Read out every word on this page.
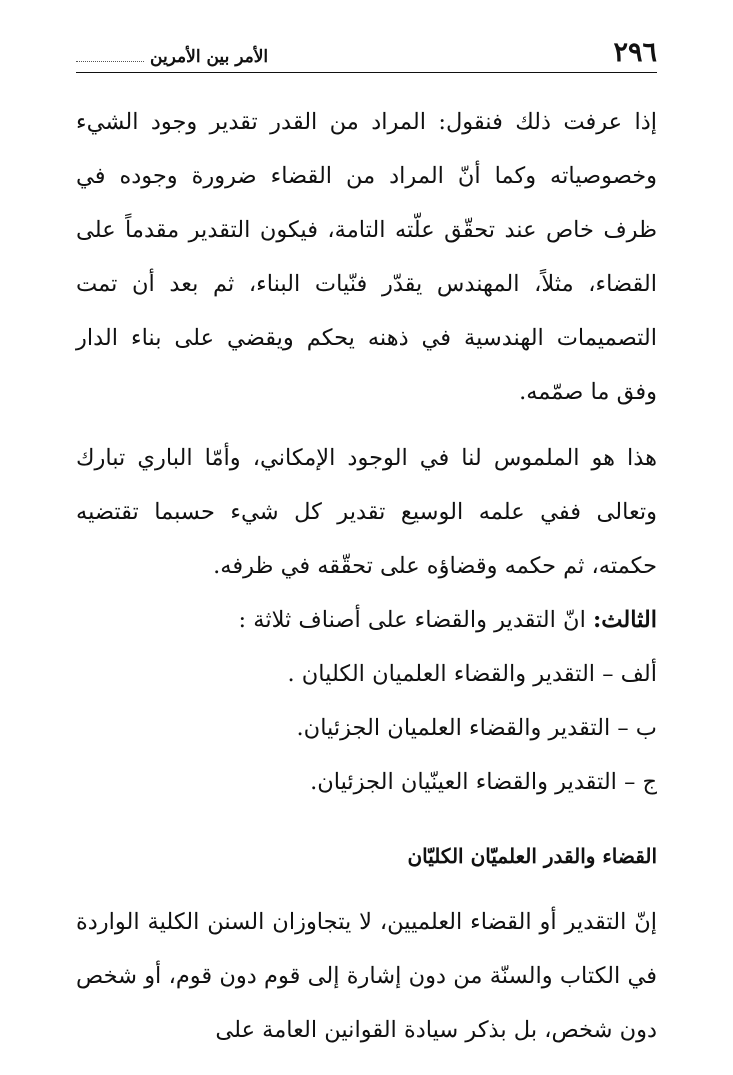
٢٩٦
الأمر بين الأمرين

إذا عرفت ذلك فنقول: المراد من القدر تقدير وجود الشيء وخصوصياته وكما أنّ المراد من القضاء ضرورة وجوده في ظرف خاص عند تحقّق علّته التامة، فيكون التقدير مقدماً على القضاء، مثلاً، المهندس يقدّر فنّيات البناء، ثم بعد أن تمت التصميمات الهندسية في ذهنه يحكم ويقضي على بناء الدار وفق ما صمّمه.

هذا هو الملموس لنا في الوجود الإمكاني، وأمّا الباري تبارك وتعالى ففي علمه الوسيع تقدير كل شيء حسبما تقتضيه حكمته، ثم حكمه وقضاؤه على تحقّقه في ظرفه.

الثالث: انّ التقدير والقضاء على أصناف ثلاثة :

ألف – التقدير والقضاء العلميان الكليان .

ب – التقدير والقضاء العلميان الجزئيان.

ج – التقدير والقضاء العينّيان الجزئيان.

القضاء والقدر العلميّان الكليّان

إنّ التقدير أو القضاء العلميين، لا يتجاوزان السنن الكلية الواردة في الكتاب والسنّة من دون إشارة إلى قوم دون قوم، أو شخص دون شخص، بل بذكر سيادة القوانين العامة على
